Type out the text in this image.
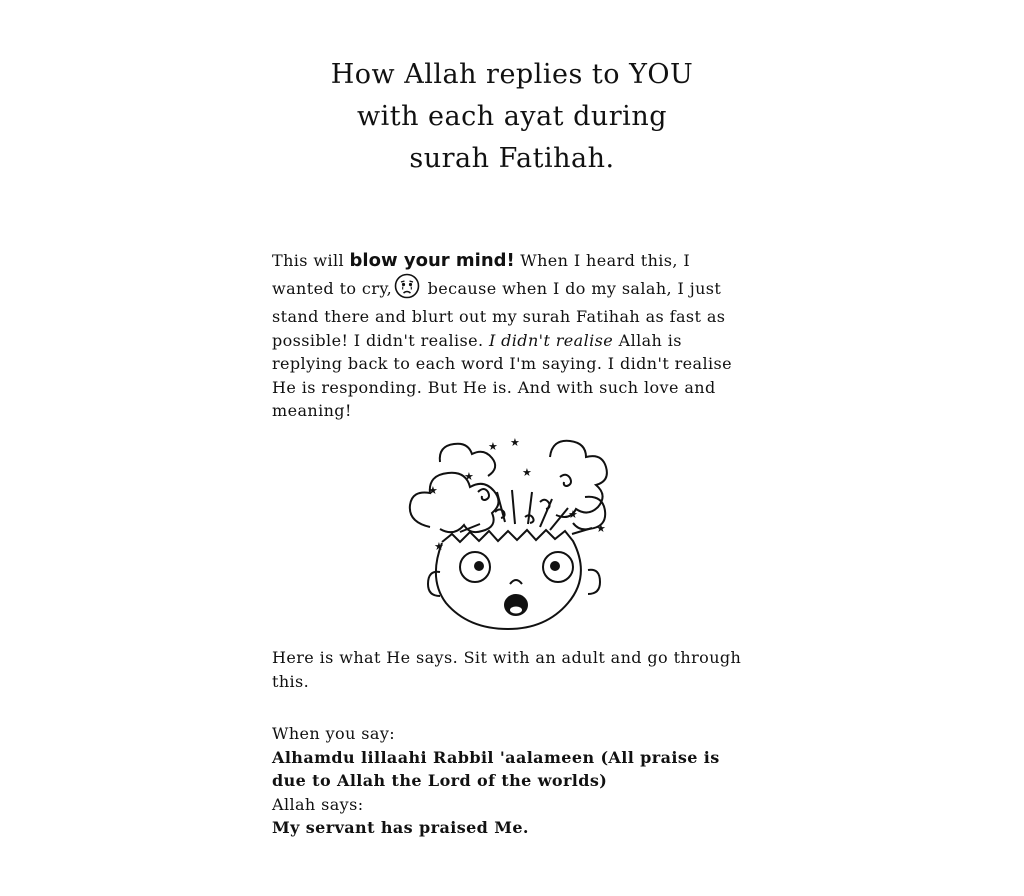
How Allah replies to YOU
with each ayat during
surah Fatihah.
This will blow your mind! When I heard this, I wanted to cry, because when I do my salah, I just stand there and blurt out my surah Fatihah as fast as possible! I didn't realise. I didn't realise Allah is replying back to each word I'm saying. I didn't realise He is responding. But He is. And with such love and meaning!
★ ★
★
★
★
★
★
★
Here is what He says. Sit with an adult and go through this.

When you say:

Alhamdu lillaahi Rabbil 'aalameen (All praise is due to Allah the Lord of the worlds)

Allah says:

My servant has praised Me.
